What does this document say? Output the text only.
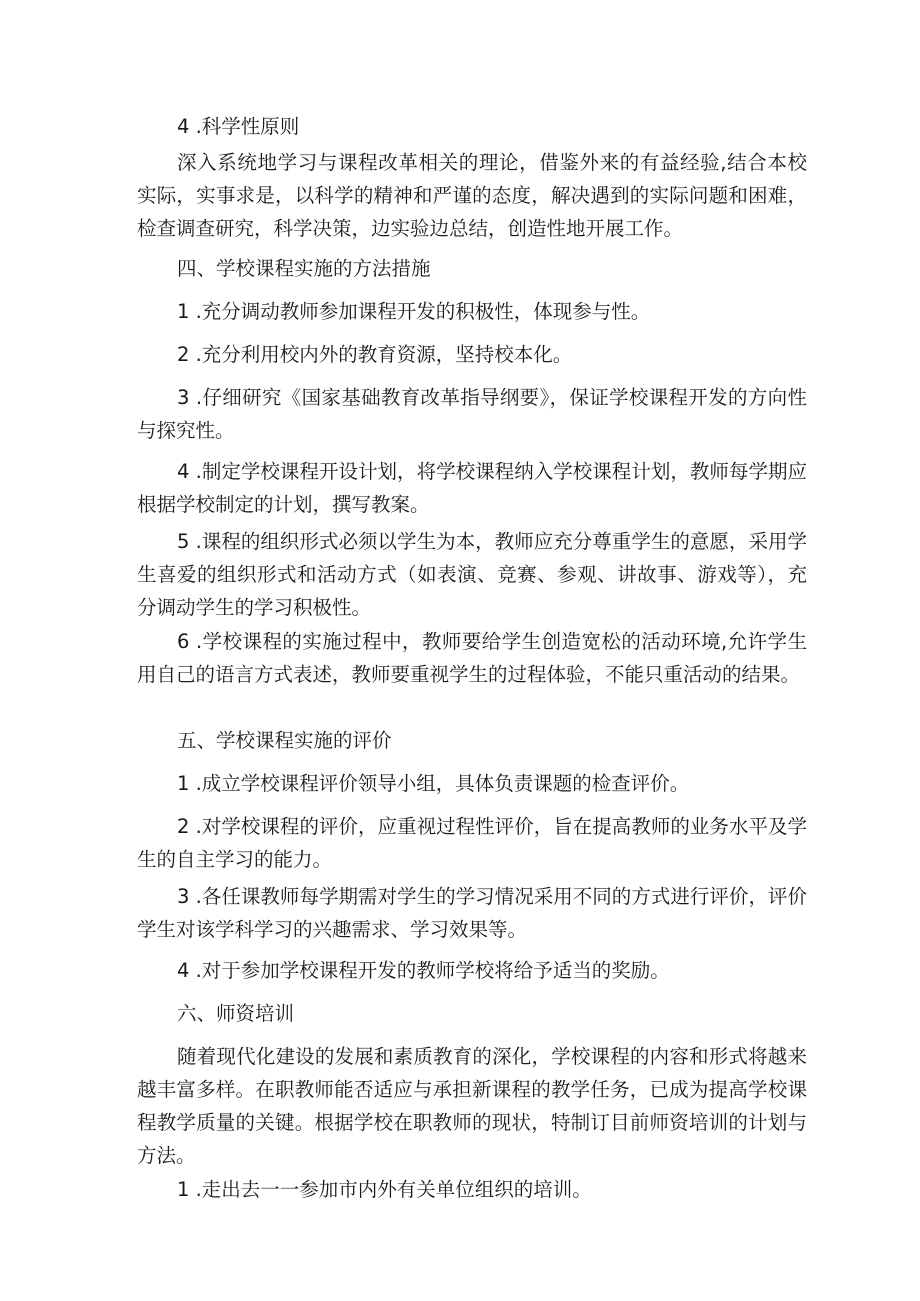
4 .科学性原则

深入系统地学习与课程改革相关的理论，借鉴外来的有益经验,结合本校实际，实事求是，以科学的精神和严谨的态度，解决遇到的实际问题和困难，检查调查研究，科学决策，边实验边总结，创造性地开展工作。

四、学校课程实施的方法措施

1 .充分调动教师参加课程开发的积极性，体现参与性。

2 .充分利用校内外的教育资源，坚持校本化。

3 .仔细研究《国家基础教育改革指导纲要》，保证学校课程开发的方向性与探究性。

4 .制定学校课程开设计划，将学校课程纳入学校课程计划，教师每学期应根据学校制定的计划，撰写教案。

5 .课程的组织形式必须以学生为本，教师应充分尊重学生的意愿，采用学生喜爱的组织形式和活动方式（如表演、竞赛、参观、讲故事、游戏等），充分调动学生的学习积极性。

6 .学校课程的实施过程中，教师要给学生创造宽松的活动环境,允许学生用自己的语言方式表述，教师要重视学生的过程体验，不能只重活动的结果。

五、学校课程实施的评价

1 .成立学校课程评价领导小组，具体负责课题的检查评价。

2 .对学校课程的评价，应重视过程性评价，旨在提高教师的业务水平及学生的自主学习的能力。

3 .各任课教师每学期需对学生的学习情况采用不同的方式进行评价，评价学生对该学科学习的兴趣需求、学习效果等。

4 .对于参加学校课程开发的教师学校将给予适当的奖励。

六、师资培训

随着现代化建设的发展和素质教育的深化，学校课程的内容和形式将越来越丰富多样。在职教师能否适应与承担新课程的教学任务，已成为提高学校课程教学质量的关键。根据学校在职教师的现状，特制订目前师资培训的计划与方法。

1 .走出去一一参加市内外有关单位组织的培训。
